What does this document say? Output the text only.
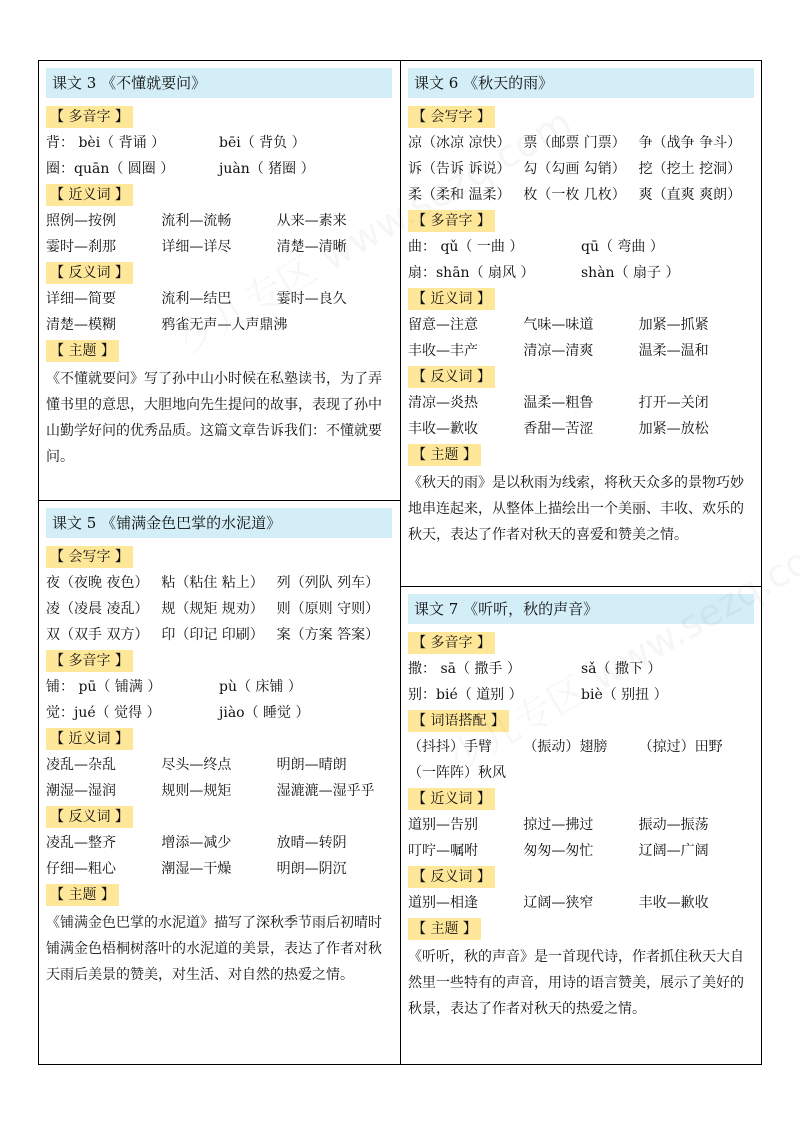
课文 3 《不懂就要问》
【 多音字 】
背： bèi（ 背诵 ）	bēi（ 背负 ）
圈：quān（ 圆圈 ）	juàn（ 猪圈 ）
【 近义词 】
照例—按例	流利—流畅	从来—素来
霎时—刹那	详细—详尽	清楚—清晰
【 反义词 】
详细—简要	流利—结巴	霎时—良久
清楚—模糊	鸦雀无声—人声鼎沸
【 主题 】
《不懂就要问》写了孙中山小时候在私塾读书，为了弄懂书里的意思，大胆地向先生提问的故事，表现了孙中山勤学好问的优秀品质。这篇文章告诉我们：不懂就要问。
课文 5 《铺满金色巴掌的水泥道》
【 会写字 】
夜（夜晚 夜色） 粘（粘住 粘上） 列（列队 列车）
凌（凌晨 凌乱） 规（规矩 规劝） 则（原则 守则）
双（双手 双方） 印（印记 印刷） 案（方案 答案）
【 多音字 】
铺： pū（ 铺满 ）	pù（ 床铺 ）
觉：jué（ 觉得 ）	jiào（ 睡觉 ）
【 近义词 】
凌乱—杂乱	尽头—终点	明朗—晴朗
潮湿—湿润	规则—规矩	湿漉漉—湿乎乎
【 反义词 】
凌乱—整齐	增添—减少	放晴—转阴
仔细—粗心	潮湿—干燥	明朗—阴沉
【 主题 】
《铺满金色巴掌的水泥道》描写了深秋季节雨后初晴时铺满金色梧桐树落叶的水泥道的美景，表达了作者对秋天雨后美景的赞美，对生活、对自然的热爱之情。
课文 6 《秋天的雨》
【 会写字 】
凉（冰凉 凉快） 票（邮票 门票） 争（战争 争斗）
诉（告诉 诉说） 勾（勾画 勾销） 挖（挖土 挖洞）
柔（柔和 温柔） 枚（一枚 几枚） 爽（直爽 爽朗）
【 多音字 】
曲： qǔ（ 一曲 ）	qū（ 弯曲 ）
扇：shān（ 扇风 ）	shàn（ 扇子 ）
【 近义词 】
留意—注意	气味—味道	加紧—抓紧
丰收—丰产	清凉—清爽	温柔—温和
【 反义词 】
清凉—炎热	温柔—粗鲁	打开—关闭
丰收—歉收	香甜—苦涩	加紧—放松
【 主题 】
《秋天的雨》是以秋雨为线索，将秋天众多的景物巧妙地串连起来，从整体上描绘出一个美丽、丰收、欢乐的秋天，表达了作者对秋天的喜爱和赞美之情。
课文 7 《听听，秋的声音》
【 多音字 】
撒： sā（ 撒手 ）	sǎ（ 撒下 ）
别：bié（ 道别 ）	biè（ 别扭 ）
【 词语搭配 】
（抖抖）手臂	（振动）翅膀	（掠过）田野
（一阵阵）秋风
【 近义词 】
道别—告别	掠过—拂过	振动—振荡
叮咛—嘱咐	匆匆—匆忙	辽阔—广阔
【 反义词 】
道别—相逢	辽阔—狭窄	丰收—歉收
【 主题 】
《听听，秋的声音》是一首现代诗，作者抓住秋天大自然里一些特有的声音，用诗的语言赞美，展示了美好的秋景，表达了作者对秋天的热爱之情。
